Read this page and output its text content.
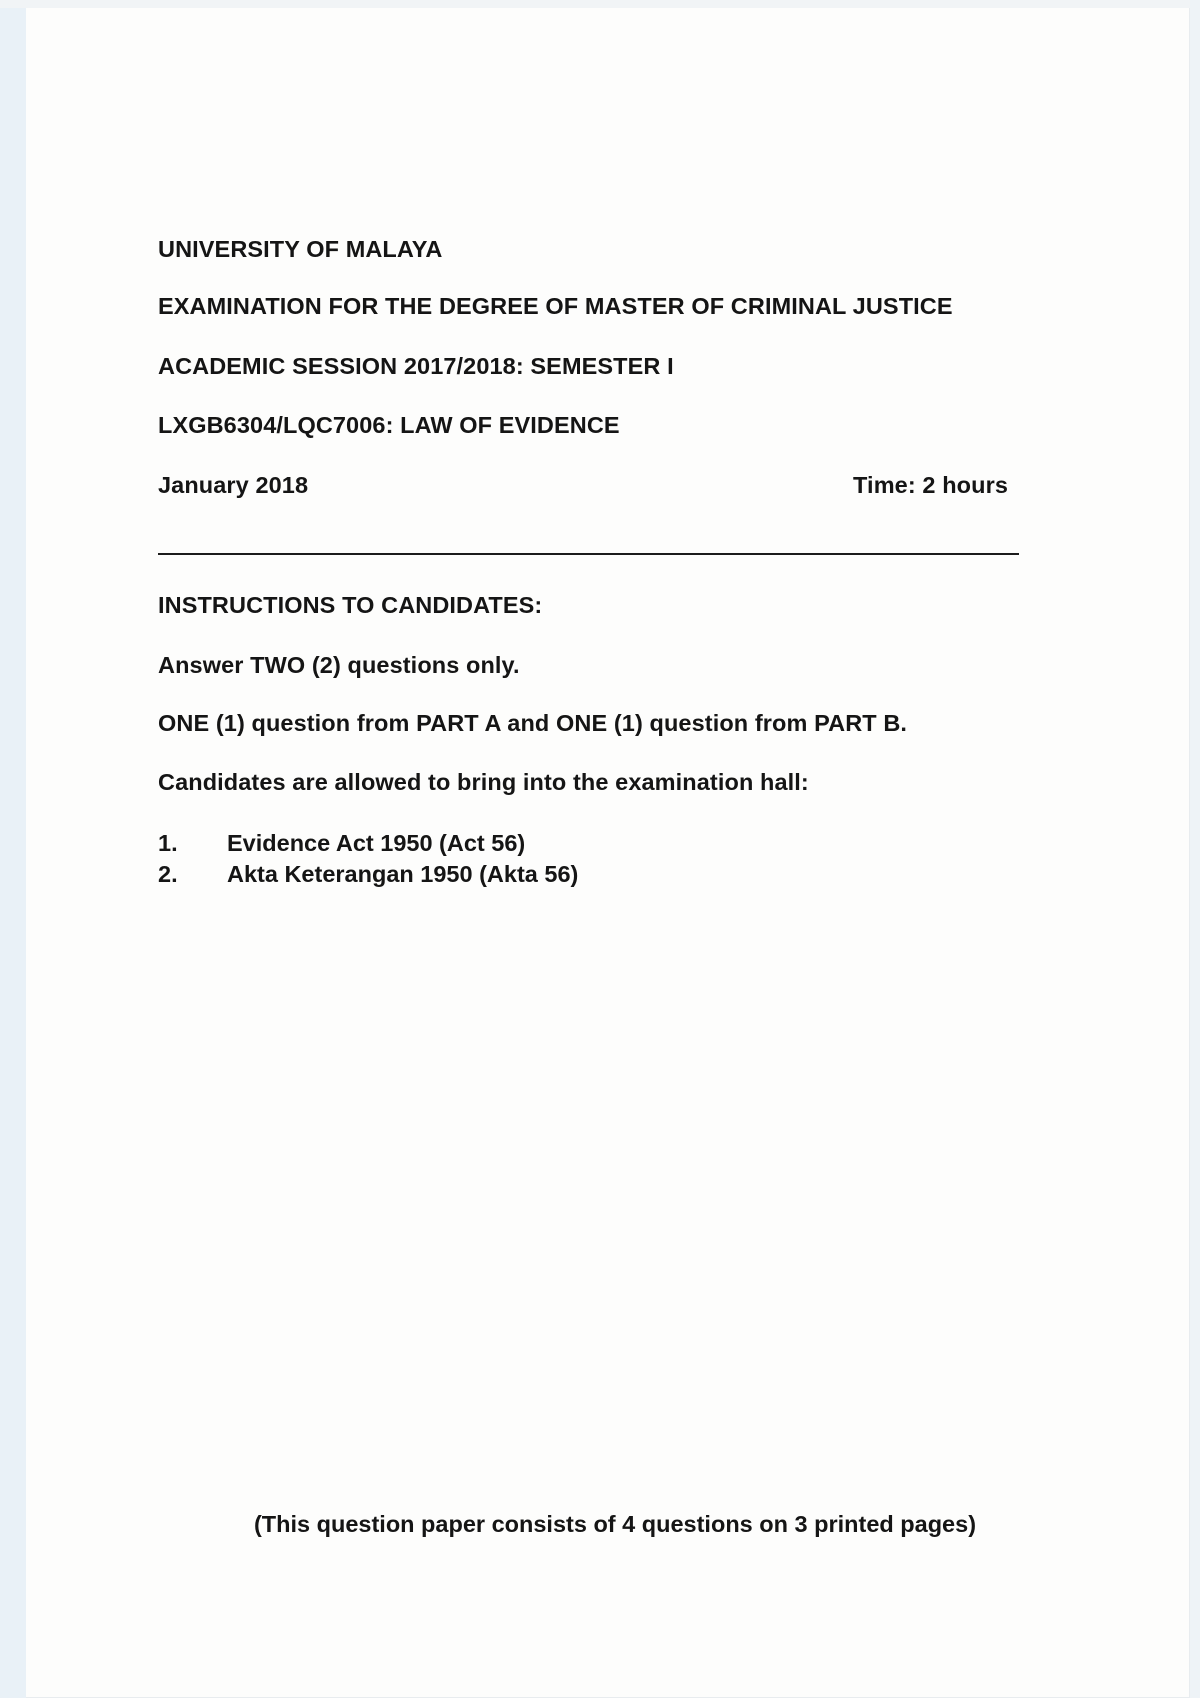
UNIVERSITY OF MALAYA
EXAMINATION FOR THE DEGREE OF MASTER OF CRIMINAL JUSTICE
ACADEMIC SESSION 2017/2018: SEMESTER I
LXGB6304/LQC7006: LAW OF EVIDENCE
January 2018	Time: 2 hours
INSTRUCTIONS TO CANDIDATES:
Answer TWO (2) questions only.
ONE (1) question from PART A and ONE (1) question from PART B.
Candidates are allowed to bring into the examination hall:
1.	Evidence Act 1950 (Act 56)
2.	Akta Keterangan 1950 (Akta 56)
(This question paper consists of 4 questions on 3 printed pages)
